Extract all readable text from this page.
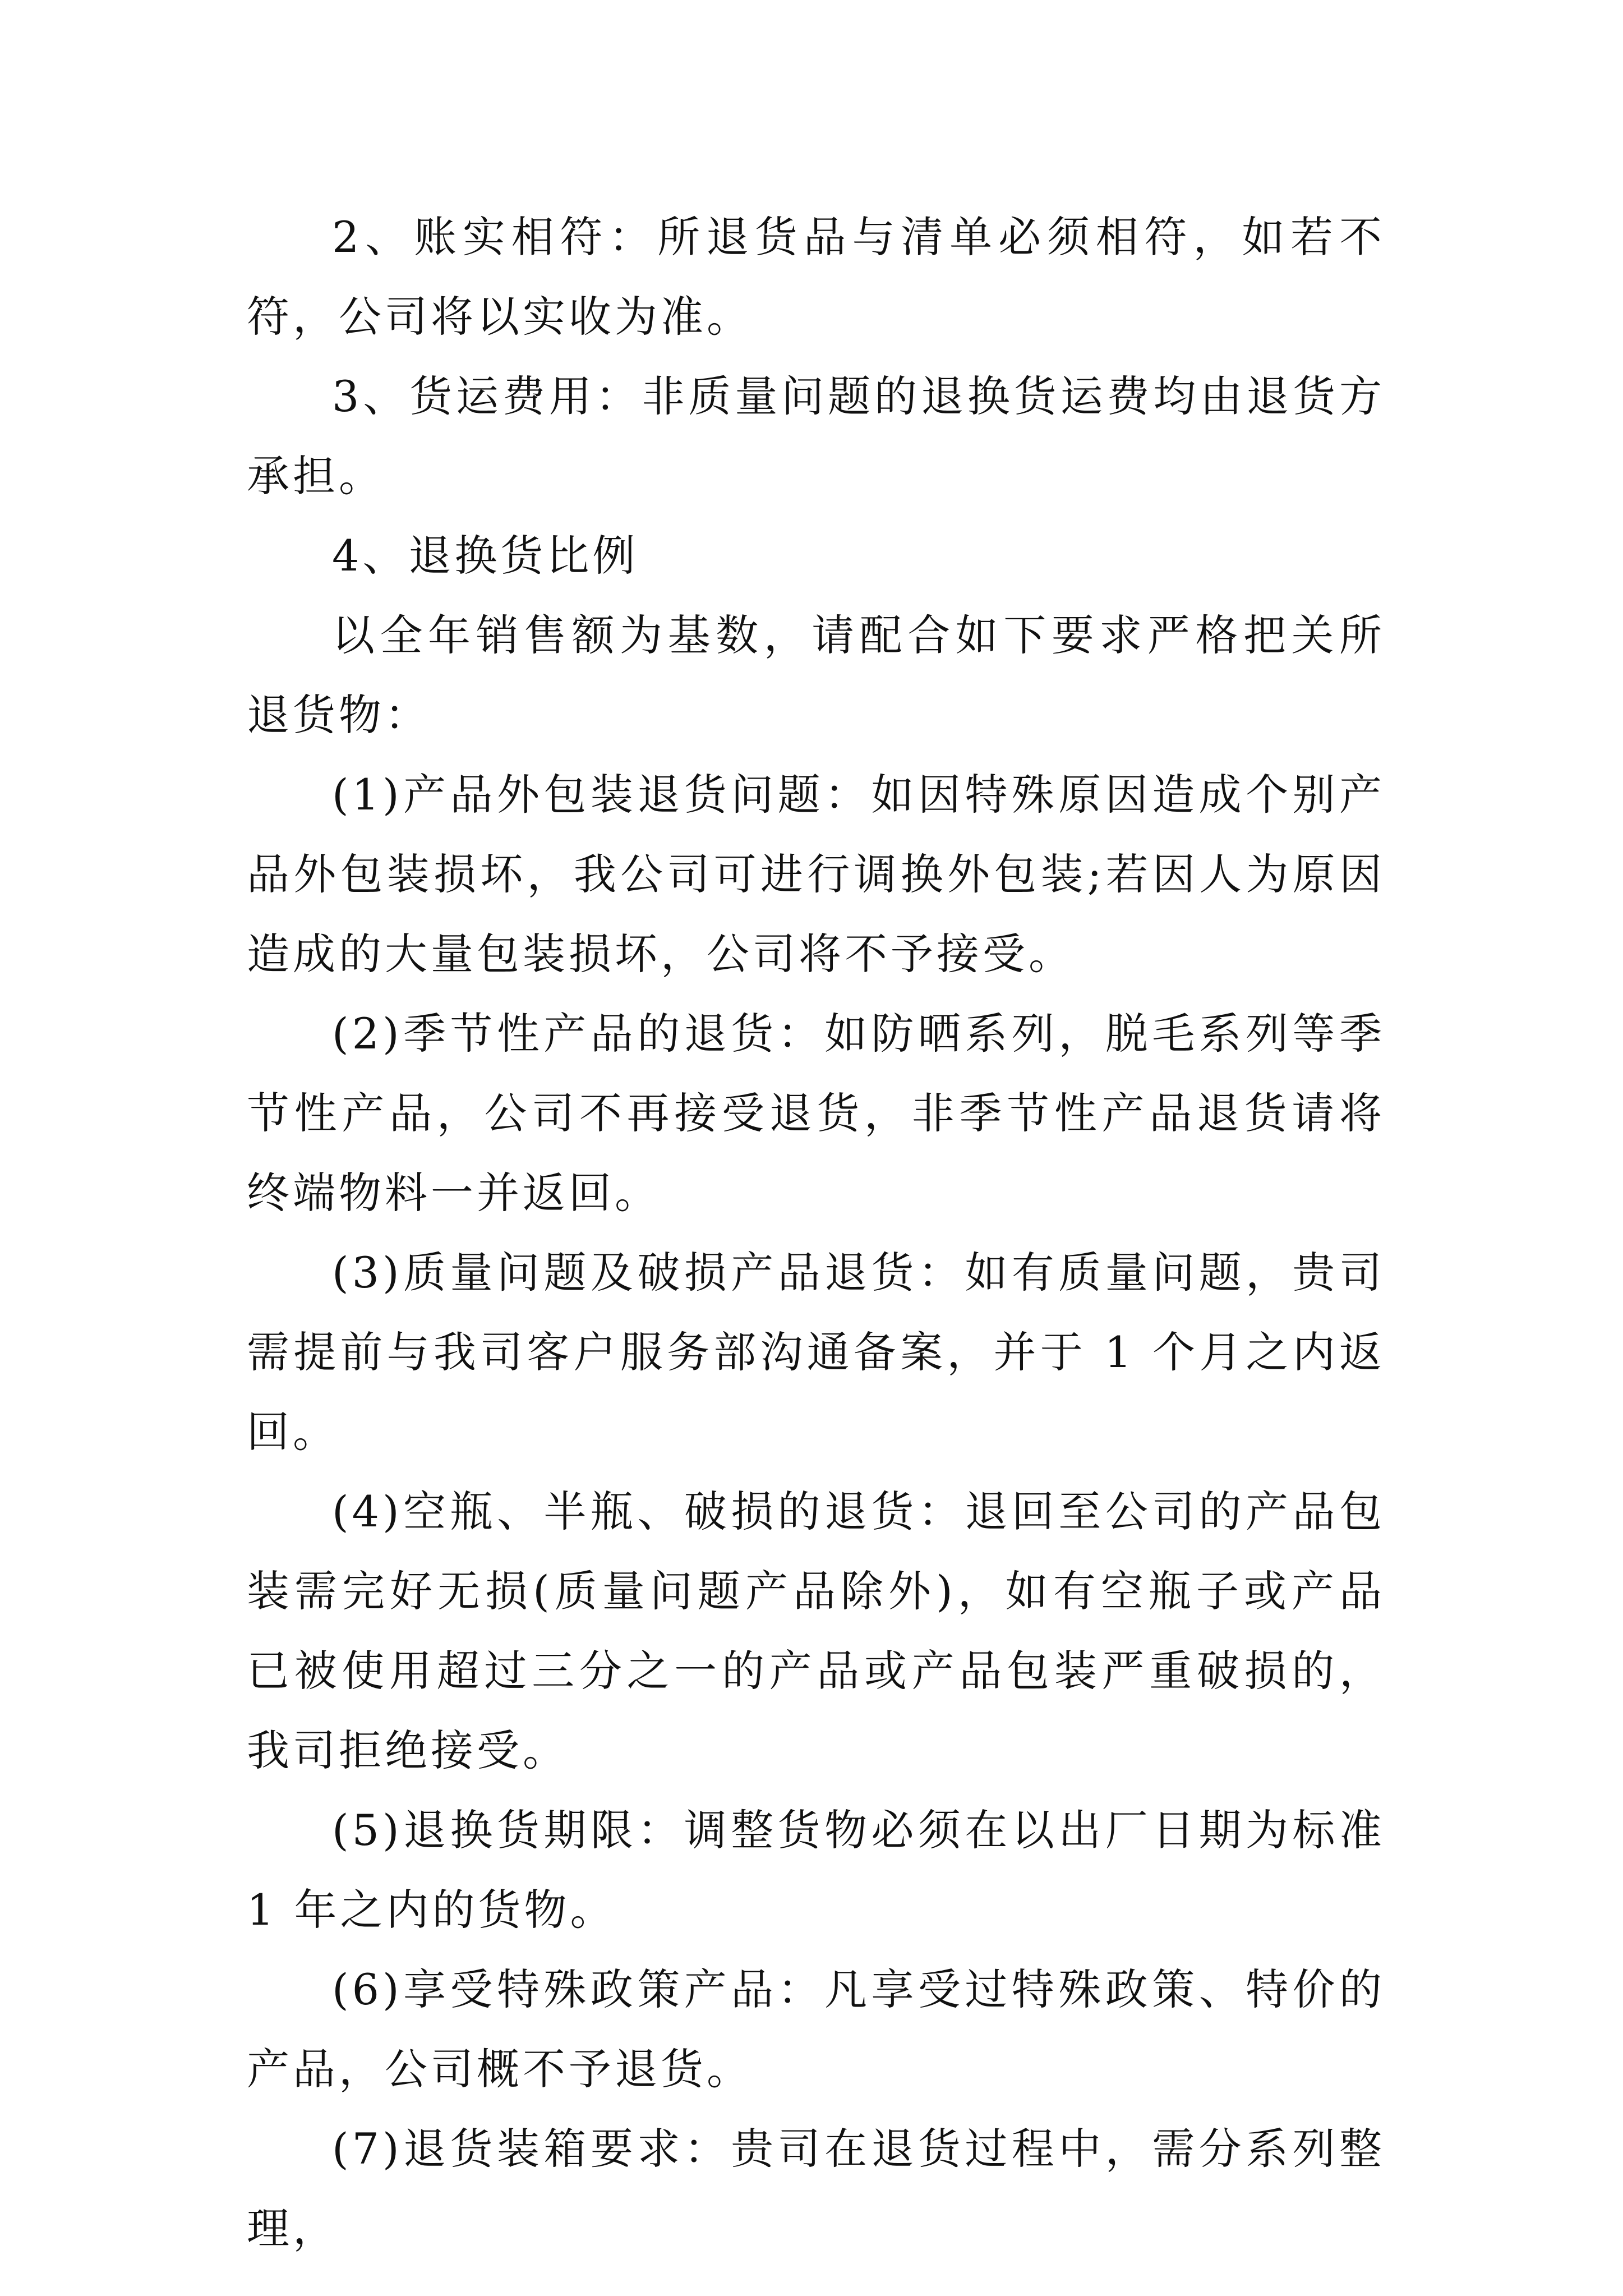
2、账实相符：所退货品与清单必须相符，如若不符，公司将以实收为准。

3、货运费用：非质量问题的退换货运费均由退货方承担。

4、退换货比例

以全年销售额为基数，请配合如下要求严格把关所退货物：

(1)产品外包装退货问题：如因特殊原因造成个别产品外包装损坏，我公司可进行调换外包装;若因人为原因造成的大量包装损坏，公司将不予接受。

(2)季节性产品的退货：如防晒系列，脱毛系列等季节性产品，公司不再接受退货，非季节性产品退货请将终端物料一并返回。

(3)质量问题及破损产品退货：如有质量问题，贵司需提前与我司客户服务部沟通备案，并于 1 个月之内返回。

(4)空瓶、半瓶、破损的退货：退回至公司的产品包装需完好无损(质量问题产品除外)，如有空瓶子或产品已被使用超过三分之一的产品或产品包装严重破损的，我司拒绝接受。

(5)退换货期限：调整货物必须在以出厂日期为标准 1 年之内的货物。

(6)享受特殊政策产品：凡享受过特殊政策、特价的产品，公司概不予退货。

(7)退货装箱要求：贵司在退货过程中，需分系列整理，
